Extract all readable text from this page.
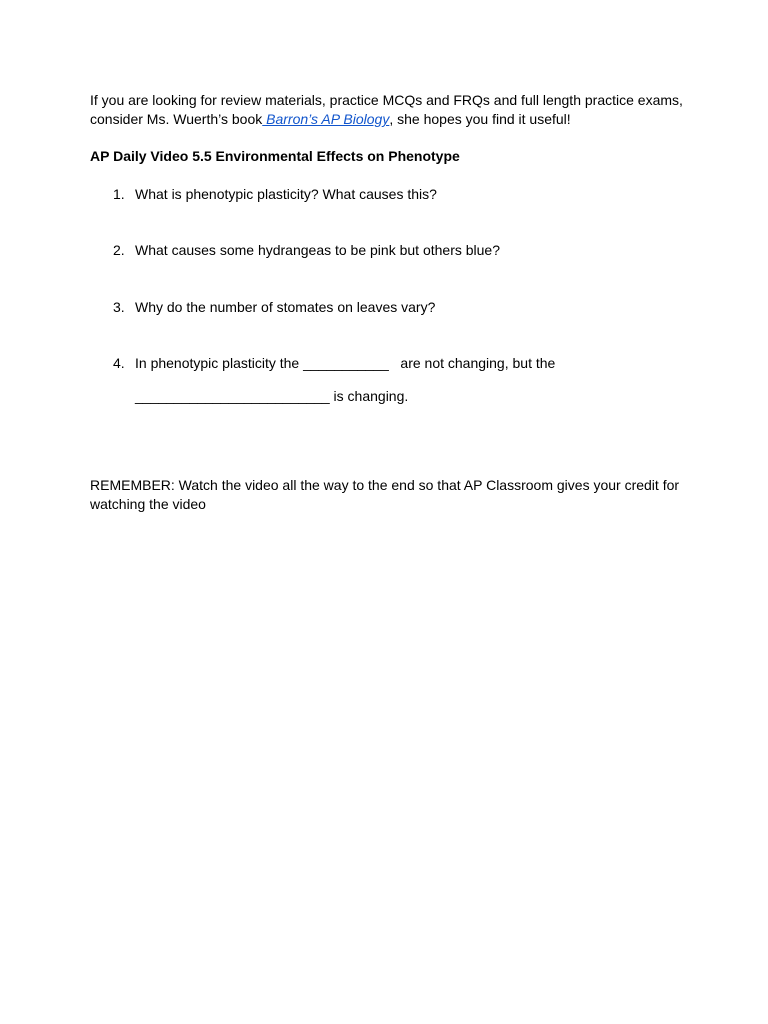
If you are looking for review materials, practice MCQs and FRQs and full length practice exams, consider Ms. Wuerth’s book Barron’s AP Biology, she hopes you find it useful!

AP Daily Video 5.5 Environmental Effects on Phenotype

1. What is phenotypic plasticity? What causes this?
2. What causes some hydrangeas to be pink but others blue?
3. Why do the number of stomates on leaves vary?
4. In phenotypic plasticity the ___________   are not changing, but the
_________________________ is changing.

REMEMBER: Watch the video all the way to the end so that AP Classroom gives your credit for watching the video
